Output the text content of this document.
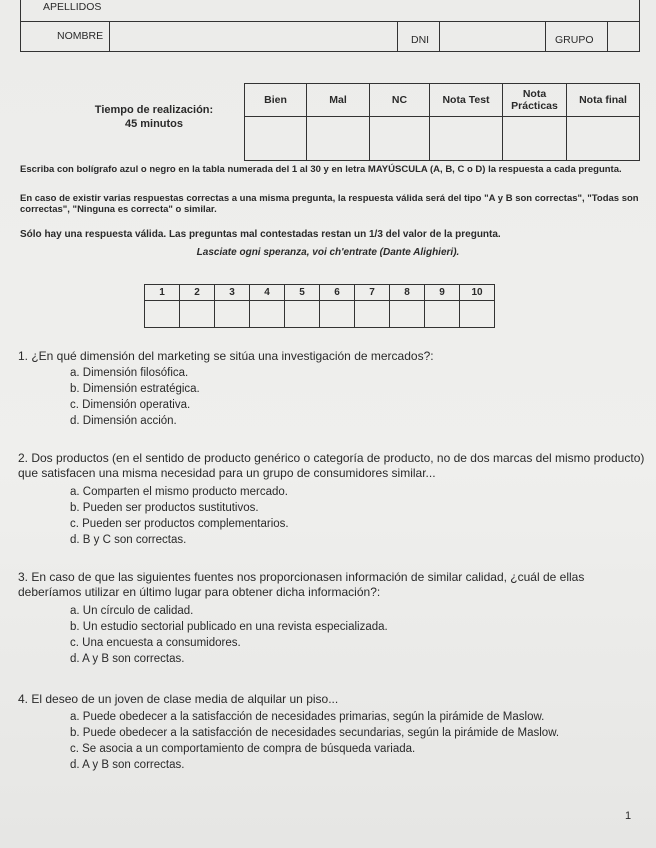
APELLIDOS
NOMBRE	DNI	GRUPO
Tiempo de realización:
45 minutos
Bien	Mal	NC	Nota Test	Nota Prácticas	Nota final

Escriba con bolígrafo azul o negro en la tabla numerada del 1 al 30 y en letra MAYÚSCULA (A, B, C o D) la respuesta a cada pregunta.
En caso de existir varias respuestas correctas a una misma pregunta, la respuesta válida será del tipo "A y B son correctas", "Todas son correctas", "Ninguna es correcta" o similar.
Sólo hay una respuesta válida. Las preguntas mal contestadas restan un 1/3 del valor de la pregunta.
Lasciate ogni speranza, voi ch'entrate (Dante Alighieri).
1	2	3	4	5	6	7	8	9	10

1. ¿En qué dimensión del marketing se sitúa una investigación de mercados?:
a. Dimensión filosófica.
b. Dimensión estratégica.
c. Dimensión operativa.
d. Dimensión acción.
2. Dos productos (en el sentido de producto genérico o categoría de producto, no de dos marcas del mismo producto) que satisfacen una misma necesidad para un grupo de consumidores similar...
a. Comparten el mismo producto mercado.
b. Pueden ser productos sustitutivos.
c. Pueden ser productos complementarios.
d. B y C son correctas.
3. En caso de que las siguientes fuentes nos proporcionasen información de similar calidad, ¿cuál de ellas deberíamos utilizar en último lugar para obtener dicha información?:
a. Un círculo de calidad.
b. Un estudio sectorial publicado en una revista especializada.
c. Una encuesta a consumidores.
d. A y B son correctas.
4. El deseo de un joven de clase media de alquilar un piso...
a. Puede obedecer a la satisfacción de necesidades primarias, según la pirámide de Maslow.
b. Puede obedecer a la satisfacción de necesidades secundarias, según la pirámide de Maslow.
c. Se asocia a un comportamiento de compra de búsqueda variada.
d. A y B son correctas.
1
